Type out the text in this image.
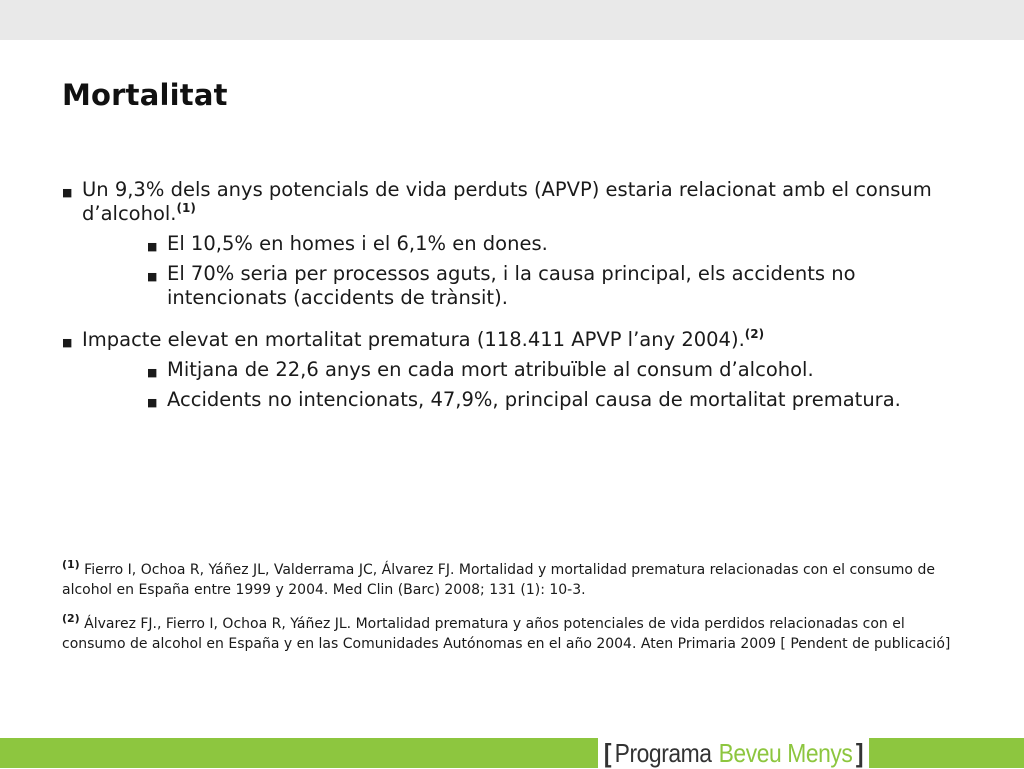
Mortalitat
■ Un 9,3% dels anys potencials de vida perduts (APVP) estaria relacionat amb el consum d’alcohol.$^{(1)}$
■ El 10,5% en homes i el 6,1% en dones.
■ El 70% seria per processos aguts, i la causa principal, els accidents no intencionats (accidents de trànsit).
■ Impacte elevat en mortalitat prematura (118.411 APVP l’any 2004).$^{(2)}$
■ Mitjana de 22,6 anys en cada mort atribuïble al consum d’alcohol.
■ Accidents no intencionats, 47,9%, principal causa de mortalitat prematura.
$^{(1)}$ Fierro I, Ochoa R, Yáñez JL, Valderrama JC, Álvarez FJ. Mortalidad y mortalidad prematura relacionadas con el consumo de alcohol en España entre 1999 y 2004. Med Clin (Barc) 2008; 131 (1): 10-3.
$^{(2)}$ Álvarez FJ., Fierro I, Ochoa R, Yáñez JL. Mortalidad prematura y años potenciales de vida perdidos relacionadas con el consumo de alcohol en España y en las Comunidades Autónomas en el año 2004. Aten Primaria 2009 [ Pendent de publicació]
[ Programa Beveu Menys ]
